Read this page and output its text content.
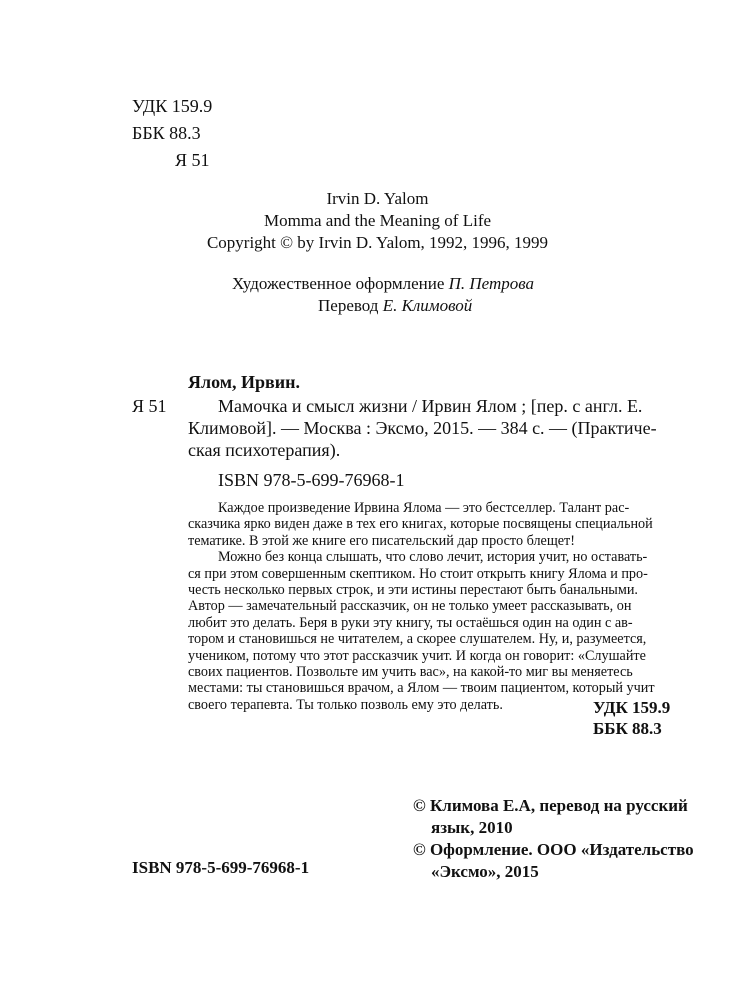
УДК 159.9
ББК 88.3
Я 51
Irvin D. Yalom
Momma and the Meaning of Life
Copyright © by Irvin D. Yalom, 1992, 1996, 1999
Художественное оформление П. Петрова
Перевод Е. Климовой
Ялом, Ирвин.
Я 51	Мамочка и смысл жизни / Ирвин Ялом ; [пер. с англ. Е.
Климовой]. — Москва : Эксмо, 2015. — 384 с. — (Практиче-
ская психотерапия).
ISBN 978-5-699-76968-1
Каждое произведение Ирвина Ялома — это бестселлер. Талант рас-
сказчика ярко виден даже в тех его книгах, которые посвящены специальной
тематике. В этой же книге его писательский дар просто блещет!
Можно без конца слышать, что слово лечит, история учит, но оставать-
ся при этом совершенным скептиком. Но стоит открыть книгу Ялома и про-
честь несколько первых строк, и эти истины перестают быть банальными.
Автор — замечательный рассказчик, он не только умеет рассказывать, он
любит это делать. Беря в руки эту книгу, ты остаёшься один на один с ав-
тором и становишься не читателем, а скорее слушателем. Ну, и, разумеется,
учеником, потому что этот рассказчик учит. И когда он говорит: «Слушайте
своих пациентов. Позвольте им учить вас», на какой-то миг вы меняетесь
местами: ты становишься врачом, а Ялом — твоим пациентом, который учит
своего терапевта. Ты только позволь ему это делать.	УДК 159.9
ББК 88.3
© Климова Е.А, перевод на русский
язык, 2010
© Оформление. ООО «Издательство
«Эксмо», 2015
ISBN 978-5-699-76968-1
